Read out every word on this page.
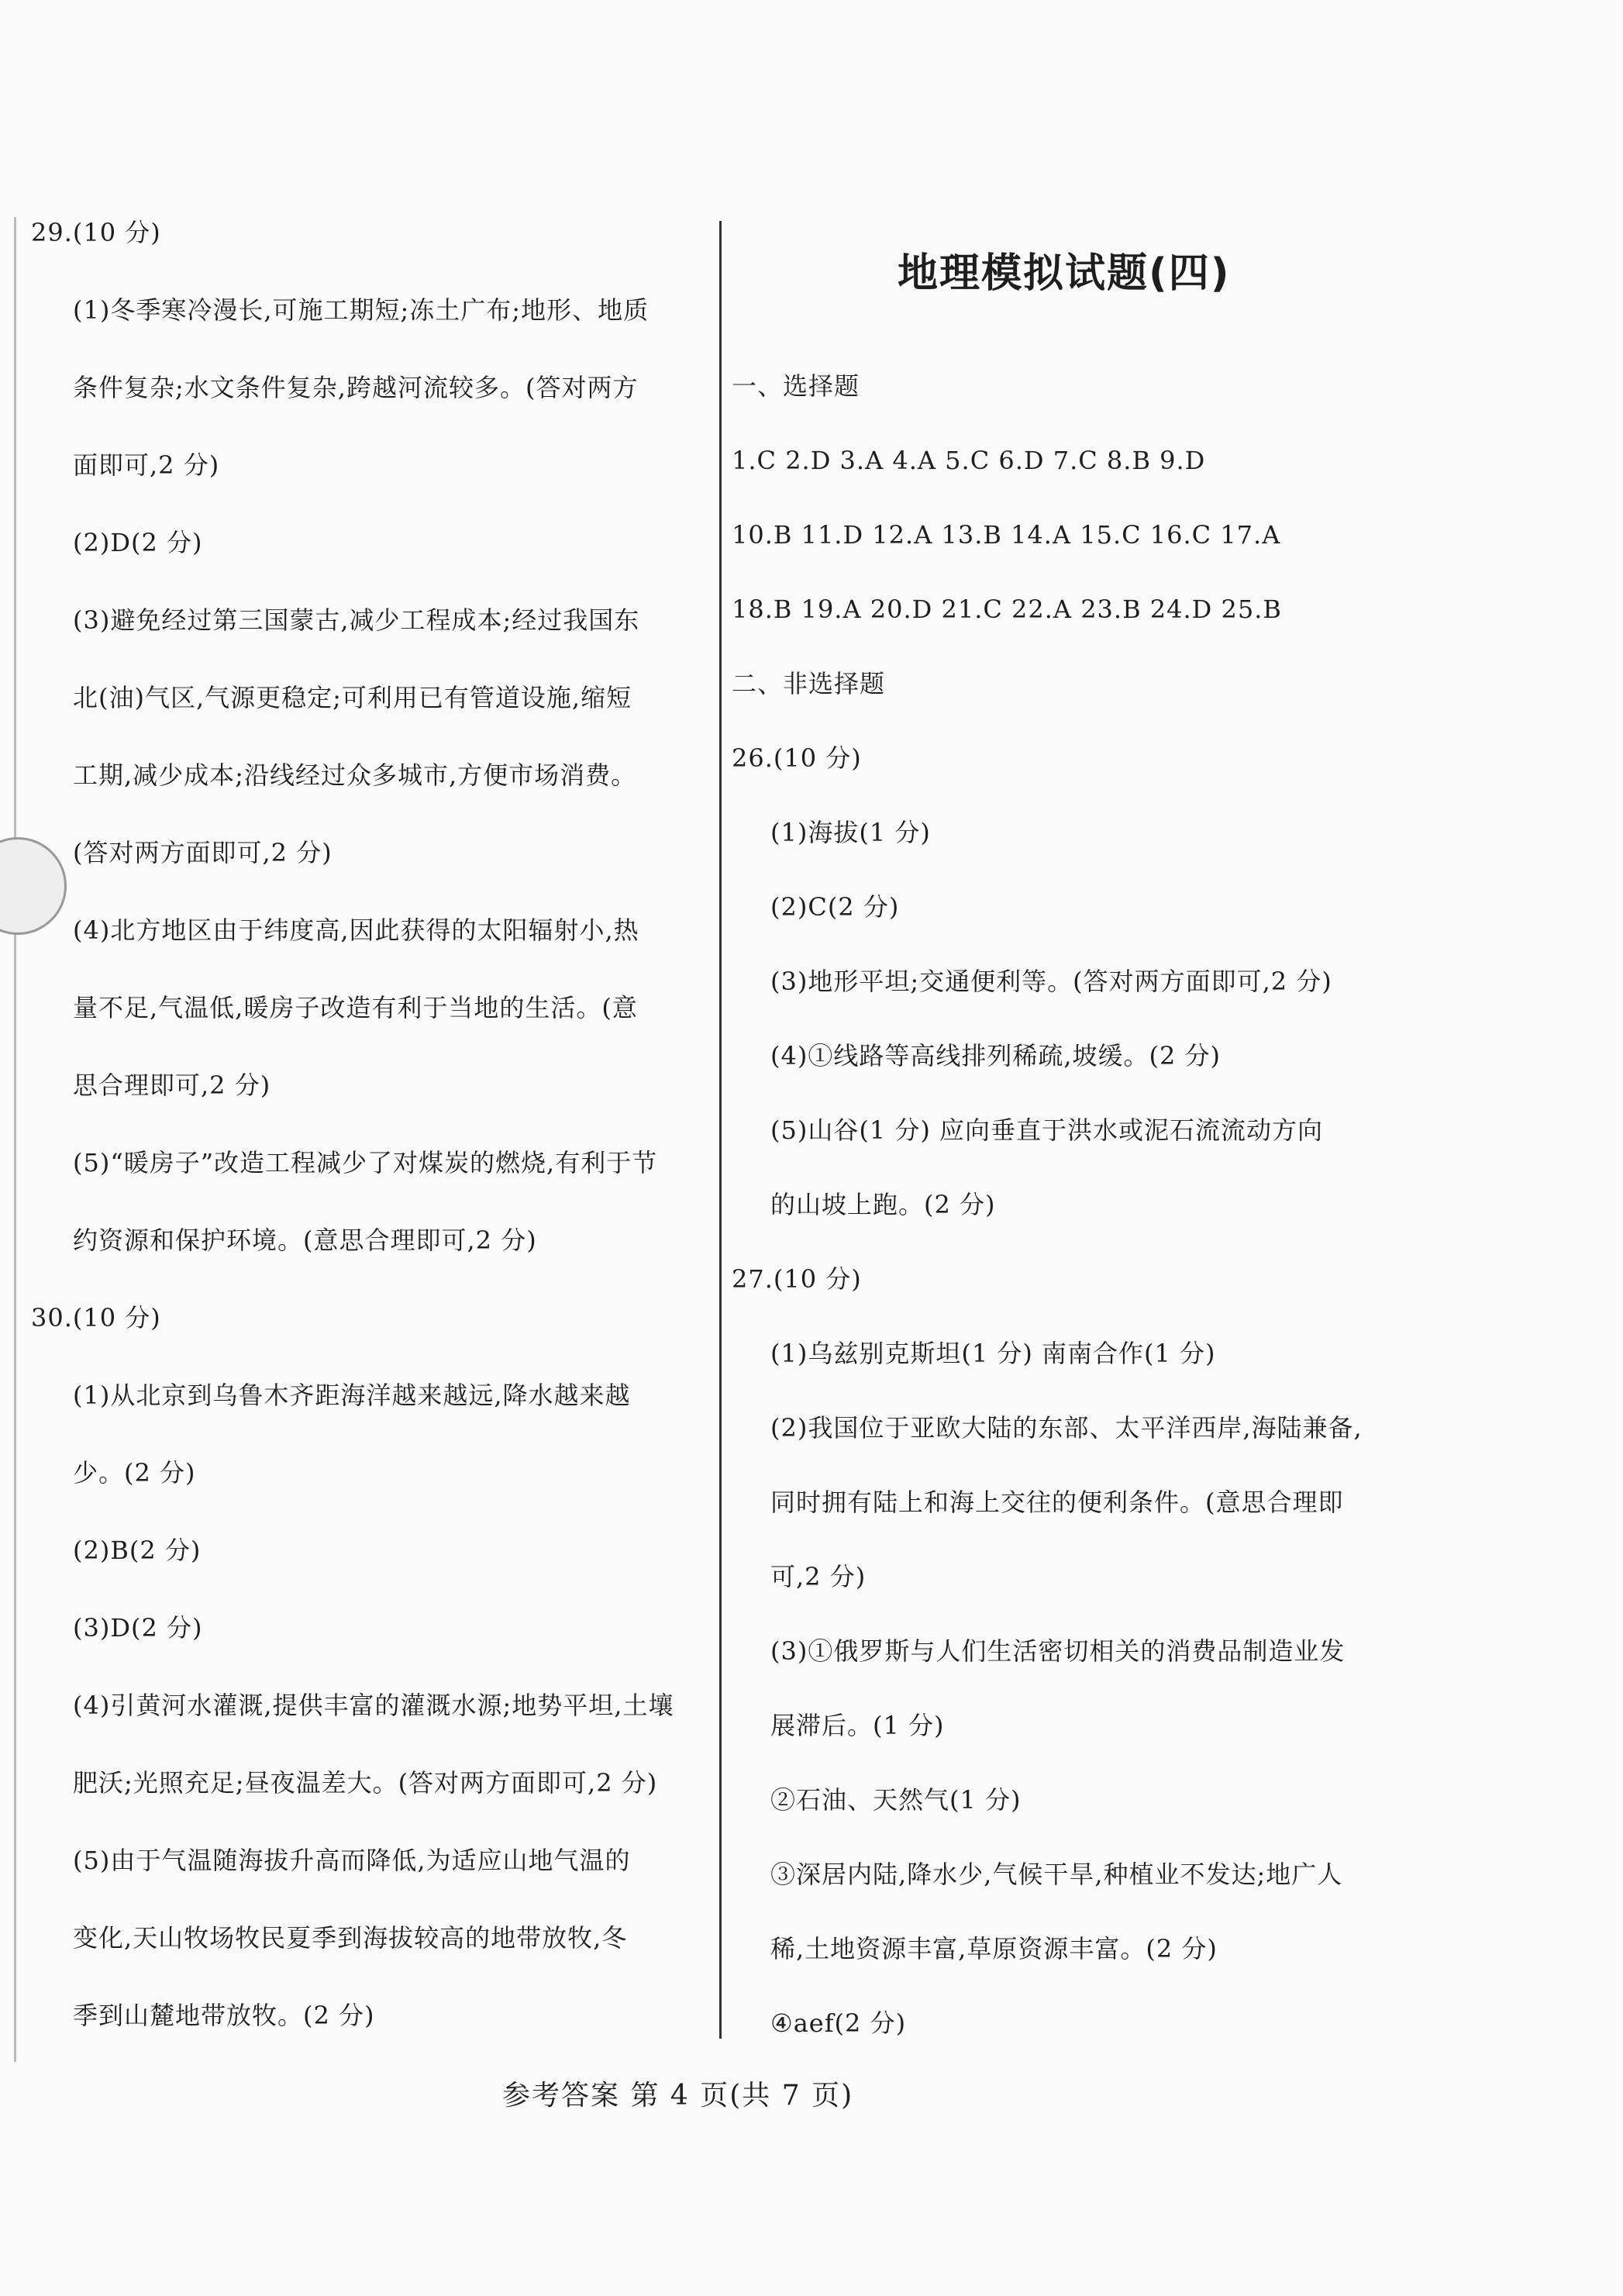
地理模拟试题(四)
29.(10 分)
(1)冬季寒冷漫长,可施工期短;冻土广布;地形、地质
条件复杂;水文条件复杂,跨越河流较多。(答对两方
面即可,2 分)
(2)D(2 分)
(3)避免经过第三国蒙古,减少工程成本;经过我国东
北(油)气区,气源更稳定;可利用已有管道设施,缩短
工期,减少成本;沿线经过众多城市,方便市场消费。
(答对两方面即可,2 分)
(4)北方地区由于纬度高,因此获得的太阳辐射小,热
量不足,气温低,暖房子改造有利于当地的生活。(意
思合理即可,2 分)
(5)“暖房子”改造工程减少了对煤炭的燃烧,有利于节
约资源和保护环境。(意思合理即可,2 分)
30.(10 分)
(1)从北京到乌鲁木齐距海洋越来越远,降水越来越
少。(2 分)
(2)B(2 分)
(3)D(2 分)
(4)引黄河水灌溉,提供丰富的灌溉水源;地势平坦,土壤
肥沃;光照充足;昼夜温差大。(答对两方面即可,2 分)
(5)由于气温随海拔升高而降低,为适应山地气温的
变化,天山牧场牧民夏季到海拔较高的地带放牧,冬
季到山麓地带放牧。(2 分)
一、选择题
1.C 2.D 3.A 4.A 5.C 6.D 7.C 8.B 9.D
10.B 11.D 12.A 13.B 14.A 15.C 16.C 17.A
18.B 19.A 20.D 21.C 22.A 23.B 24.D 25.B
二、非选择题
26.(10 分)
(1)海拔(1 分)
(2)C(2 分)
(3)地形平坦;交通便利等。(答对两方面即可,2 分)
(4)①线路等高线排列稀疏,坡缓。(2 分)
(5)山谷(1 分) 应向垂直于洪水或泥石流流动方向
的山坡上跑。(2 分)
27.(10 分)
(1)乌兹别克斯坦(1 分) 南南合作(1 分)
(2)我国位于亚欧大陆的东部、太平洋西岸,海陆兼备,
同时拥有陆上和海上交往的便利条件。(意思合理即
可,2 分)
(3)①俄罗斯与人们生活密切相关的消费品制造业发
展滞后。(1 分)
②石油、天然气(1 分)
③深居内陆,降水少,气候干旱,种植业不发达;地广人
稀,土地资源丰富,草原资源丰富。(2 分)
④aef(2 分)
参考答案 第 4 页(共 7 页)
